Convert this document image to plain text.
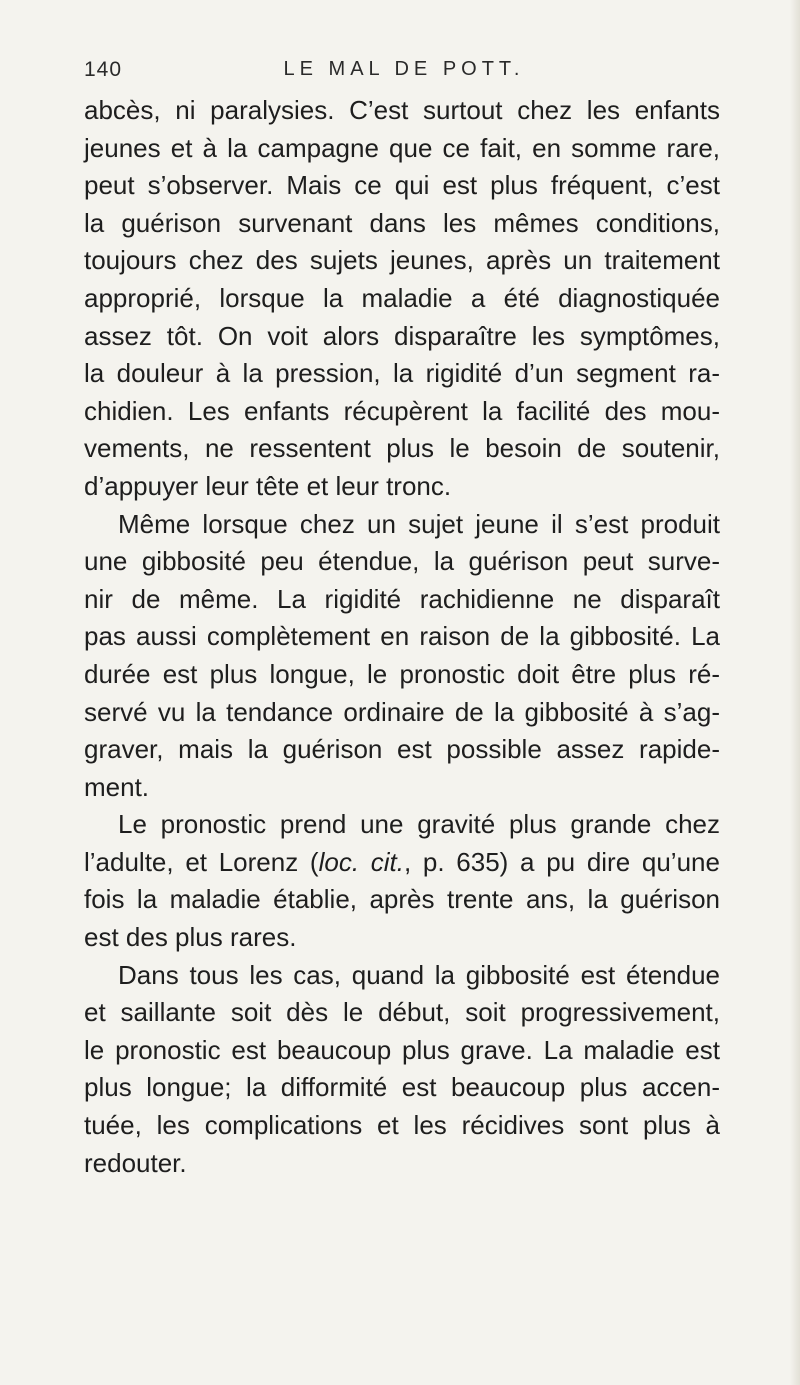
140	LE MAL DE POTT.
abcès, ni paralysies. C’est surtout chez les enfants
jeunes et à la campagne que ce fait, en somme rare,
peut s’observer. Mais ce qui est plus fréquent, c’est
la guérison survenant dans les mêmes conditions,
toujours chez des sujets jeunes, après un traitement
approprié, lorsque la maladie a été diagnostiquée
assez tôt. On voit alors disparaître les symptômes,
la douleur à la pression, la rigidité d’un segment ra-
chidien. Les enfants récupèrent la facilité des mou-
vements, ne ressentent plus le besoin de soutenir,
d’appuyer leur tête et leur tronc.
Même lorsque chez un sujet jeune il s’est produit
une gibbosité peu étendue, la guérison peut surve-
nir de même. La rigidité rachidienne ne disparaît
pas aussi complètement en raison de la gibbosité. La
durée est plus longue, le pronostic doit être plus ré-
servé vu la tendance ordinaire de la gibbosité à s’ag-
graver, mais la guérison est possible assez rapide-
ment.
Le pronostic prend une gravité plus grande chez
l’adulte, et Lorenz (loc. cit., p. 635) a pu dire qu’une
fois la maladie établie, après trente ans, la guérison
est des plus rares.
Dans tous les cas, quand la gibbosité est étendue
et saillante soit dès le début, soit progressivement,
le pronostic est beaucoup plus grave. La maladie est
plus longue; la difformité est beaucoup plus accen-
tuée, les complications et les récidives sont plus à
redouter.
